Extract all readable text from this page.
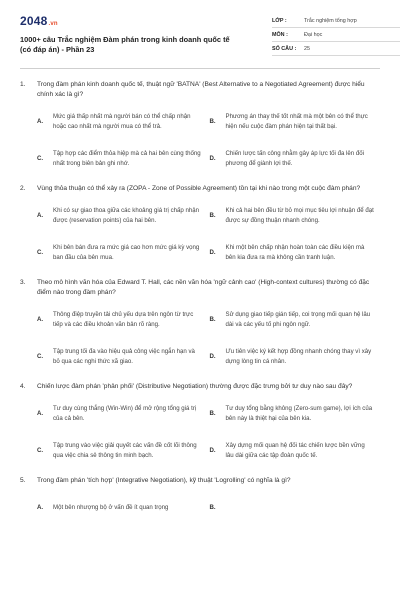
2048.vn
1000+ câu Trắc nghiệm Đàm phán trong kinh doanh quốc tế (có đáp án) - Phần 23
LỚP :	Trắc nghiệm tổng hợp
MÔN :	Đại học
SỐ CÂU : 25
1. Trong đàm phán kinh doanh quốc tế, thuật ngữ 'BATNA' (Best Alternative to a Negotiated Agreement) được hiểu chính xác là gì?
A.
Mức giá thấp nhất mà người bán có thể chấp nhận hoặc cao nhất mà người mua có thể trả.
B.
Phương án thay thế tốt nhất mà một bên có thể thực hiện nếu cuộc đàm phán hiện tại thất bại.
C.
Tập hợp các điểm thỏa hiệp mà cả hai bên cùng thống nhất trong biên bản ghi nhớ.
D.
Chiến lược tấn công nhằm gây áp lực tối đa lên đối phương để giành lợi thế.
2. Vùng thỏa thuận có thể xảy ra (ZOPA - Zone of Possible Agreement) tồn tại khi nào trong một cuộc đàm phán?
A.
Khi có sự giao thoa giữa các khoảng giá trị chấp nhận được (reservation points) của hai bên.
B.
Khi cả hai bên đều từ bỏ mọi mục tiêu lợi nhuận để đạt được sự đồng thuận nhanh chóng.
C.
Khi bên bán đưa ra mức giá cao hơn mức giá kỳ vọng ban đầu của bên mua.
D.
Khi một bên chấp nhận hoàn toàn các điều kiện mà bên kia đưa ra mà không cần tranh luận.
3. Theo mô hình văn hóa của Edward T. Hall, các nền văn hóa 'ngữ cảnh cao' (High-context cultures) thường có đặc điểm nào trong đàm phán?
A.
Thông điệp truyền tải chủ yếu dựa trên ngôn từ trực tiếp và các điều khoản văn bản rõ ràng.
B.
Sử dụng giao tiếp gián tiếp, coi trọng mối quan hệ lâu dài và các yếu tố phi ngôn ngữ.
C.
Tập trung tối đa vào hiệu quả công việc ngắn hạn và bỏ qua các nghi thức xã giao.
D.
Ưu tiên việc ký kết hợp đồng nhanh chóng thay vì xây dựng lòng tin cá nhân.
4. Chiến lược đàm phán 'phân phối' (Distributive Negotiation) thường được đặc trưng bởi tư duy nào sau đây?
A.
Tư duy cùng thắng (Win-Win) để mở rộng tổng giá trị của cả bên.
B.
Tư duy tổng bằng không (Zero-sum game), lợi ích của bên này là thiệt hại của bên kia.
C.
Tập trung vào việc giải quyết các vấn đề cốt lõi thông qua việc chia sẻ thông tin minh bạch.
D.
Xây dựng mối quan hệ đối tác chiến lược bền vững lâu dài giữa các tập đoàn quốc tế.
5. Trong đàm phán 'tích hợp' (Integrative Negotiation), kỹ thuật 'Logrolling' có nghĩa là gì?
A. Một bên nhượng bộ ở vấn đề ít quan trọng	B.
